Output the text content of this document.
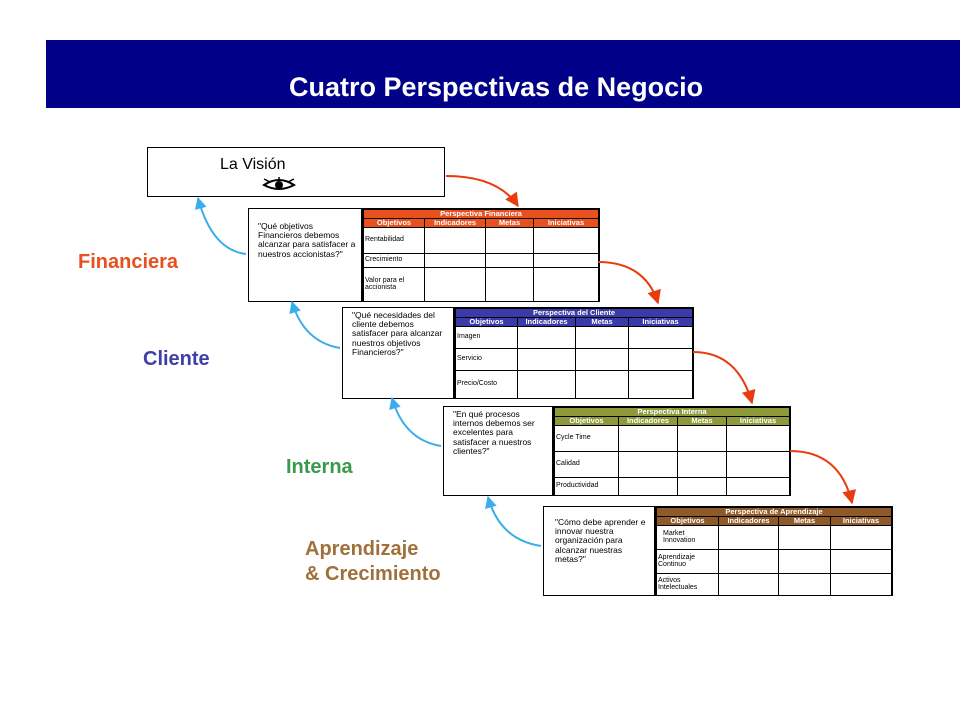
Cuatro Perspectivas de Negocio
La Visión
"Qué objetivos Financieros debemos alcanzar para satisfacer a nuestros accionistas?"
Perspectiva Financiera			
Objetivos	Indicadores	Metas	Iniciativas
Rentabilidad			
Crecimiento			
Valor para el accionista			
"Qué necesidades del cliente debemos satisfacer para alcanzar nuestros objetivos Financieros?"
Perspectiva del Cliente			
Objetivos	Indicadores	Metas	Iniciativas
Imagen			
Servicio			
Precio/Costo			
"En qué procesos internos debemos ser excelentes para satisfacer a nuestros clientes?"
Perspectiva Interna			
Objetivos	Indicadores	Metas	Iniciativas
Cycle Time			
Calidad			
Productividad			
"Cómo debe aprender e innovar nuestra organización para alcanzar nuestras metas?"
Perspectiva de Aprendizaje			
Objetivos	Indicadores	Metas	Iniciativas
Market Innovation			
Aprendizaje Continuo			
Activos Intelectuales			
Financiera
Cliente
Interna
Aprendizaje
& Crecimiento
